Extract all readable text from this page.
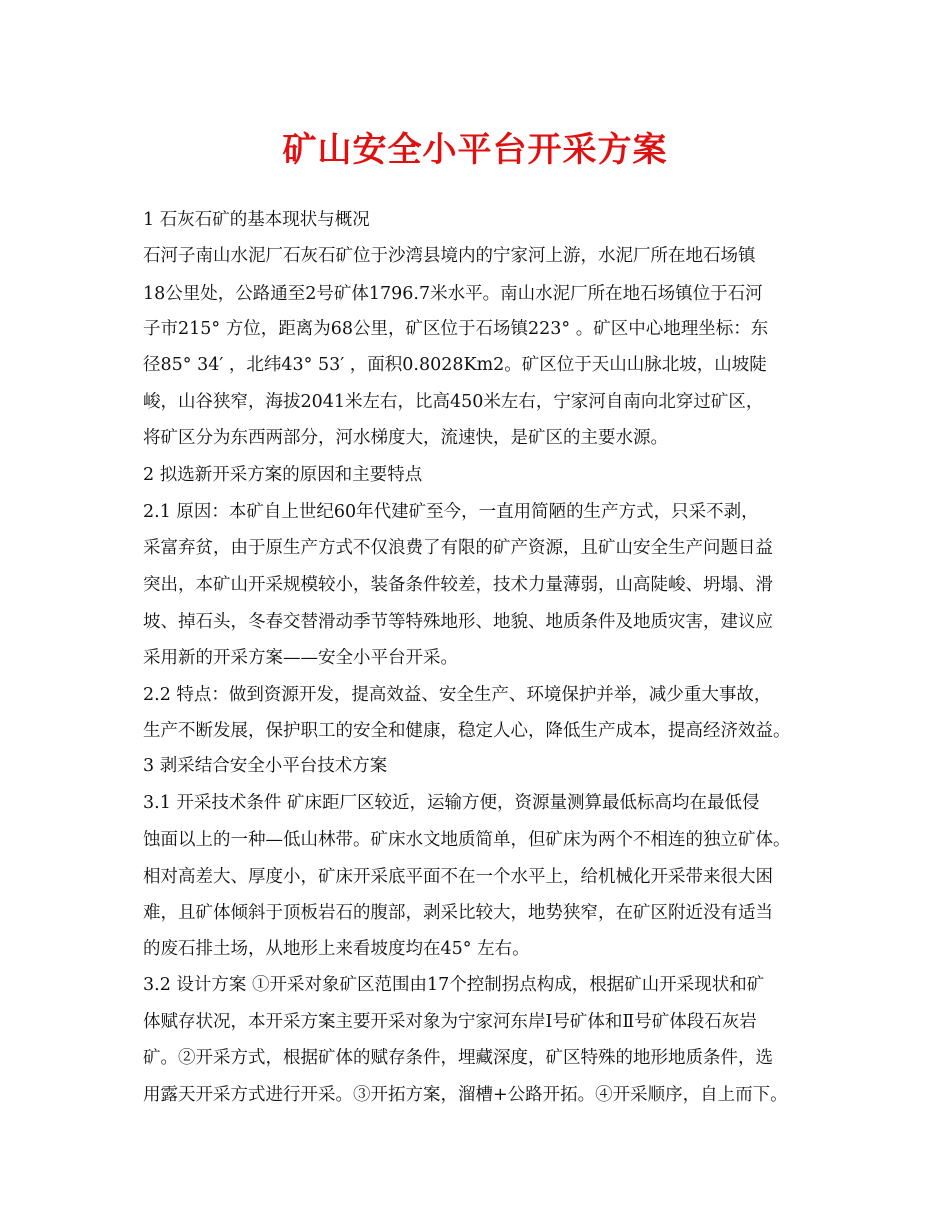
矿山安全小平台开采方案
1 石灰石矿的基本现状与概况
石河子南山水泥厂石灰石矿位于沙湾县境内的宁家河上游，水泥厂所在地石场镇
18公里处，公路通至2号矿体1796.7米水平。南山水泥厂所在地石场镇位于石河
子市215° 方位，距离为68公里，矿区位于石场镇223° 。矿区中心地理坐标：东
径85° 34′ ，北纬43° 53′ ，面积0.8028Km2。矿区位于天山山脉北坡，山坡陡
峻，山谷狭窄，海拔2041米左右，比高450米左右，宁家河自南向北穿过矿区，
将矿区分为东西两部分，河水梯度大，流速快，是矿区的主要水源。
2 拟选新开采方案的原因和主要特点
2.1 原因：本矿自上世纪60年代建矿至今，一直用简陋的生产方式，只采不剥，
采富弃贫，由于原生产方式不仅浪费了有限的矿产资源，且矿山安全生产问题日益
突出，本矿山开采规模较小，装备条件较差，技术力量薄弱，山高陡峻、坍塌、滑
坡、掉石头，冬春交替滑动季节等特殊地形、地貌、地质条件及地质灾害，建议应
采用新的开采方案——安全小平台开采。
2.2 特点：做到资源开发，提高效益、安全生产、环境保护并举，减少重大事故，
生产不断发展，保护职工的安全和健康，稳定人心，降低生产成本，提高经济效益。
3 剥采结合安全小平台技术方案
3.1 开采技术条件 矿床距厂区较近，运输方便，资源量测算最低标高均在最低侵
蚀面以上的一种—低山林带。矿床水文地质简单，但矿床为两个不相连的独立矿体。
相对高差大、厚度小，矿床开采底平面不在一个水平上，给机械化开采带来很大困
难，且矿体倾斜于顶板岩石的腹部，剥采比较大，地势狭窄，在矿区附近没有适当
的废石排土场，从地形上来看坡度均在45° 左右。
3.2 设计方案 ①开采对象矿区范围由17个控制拐点构成，根据矿山开采现状和矿
体赋存状况，本开采方案主要开采对象为宁家河东岸Ⅰ号矿体和Ⅱ号矿体段石灰岩
矿。②开采方式，根据矿体的赋存条件，埋藏深度，矿区特殊的地形地质条件，选
用露天开采方式进行开采。③开拓方案，溜槽+公路开拓。④开采顺序，自上而下。
